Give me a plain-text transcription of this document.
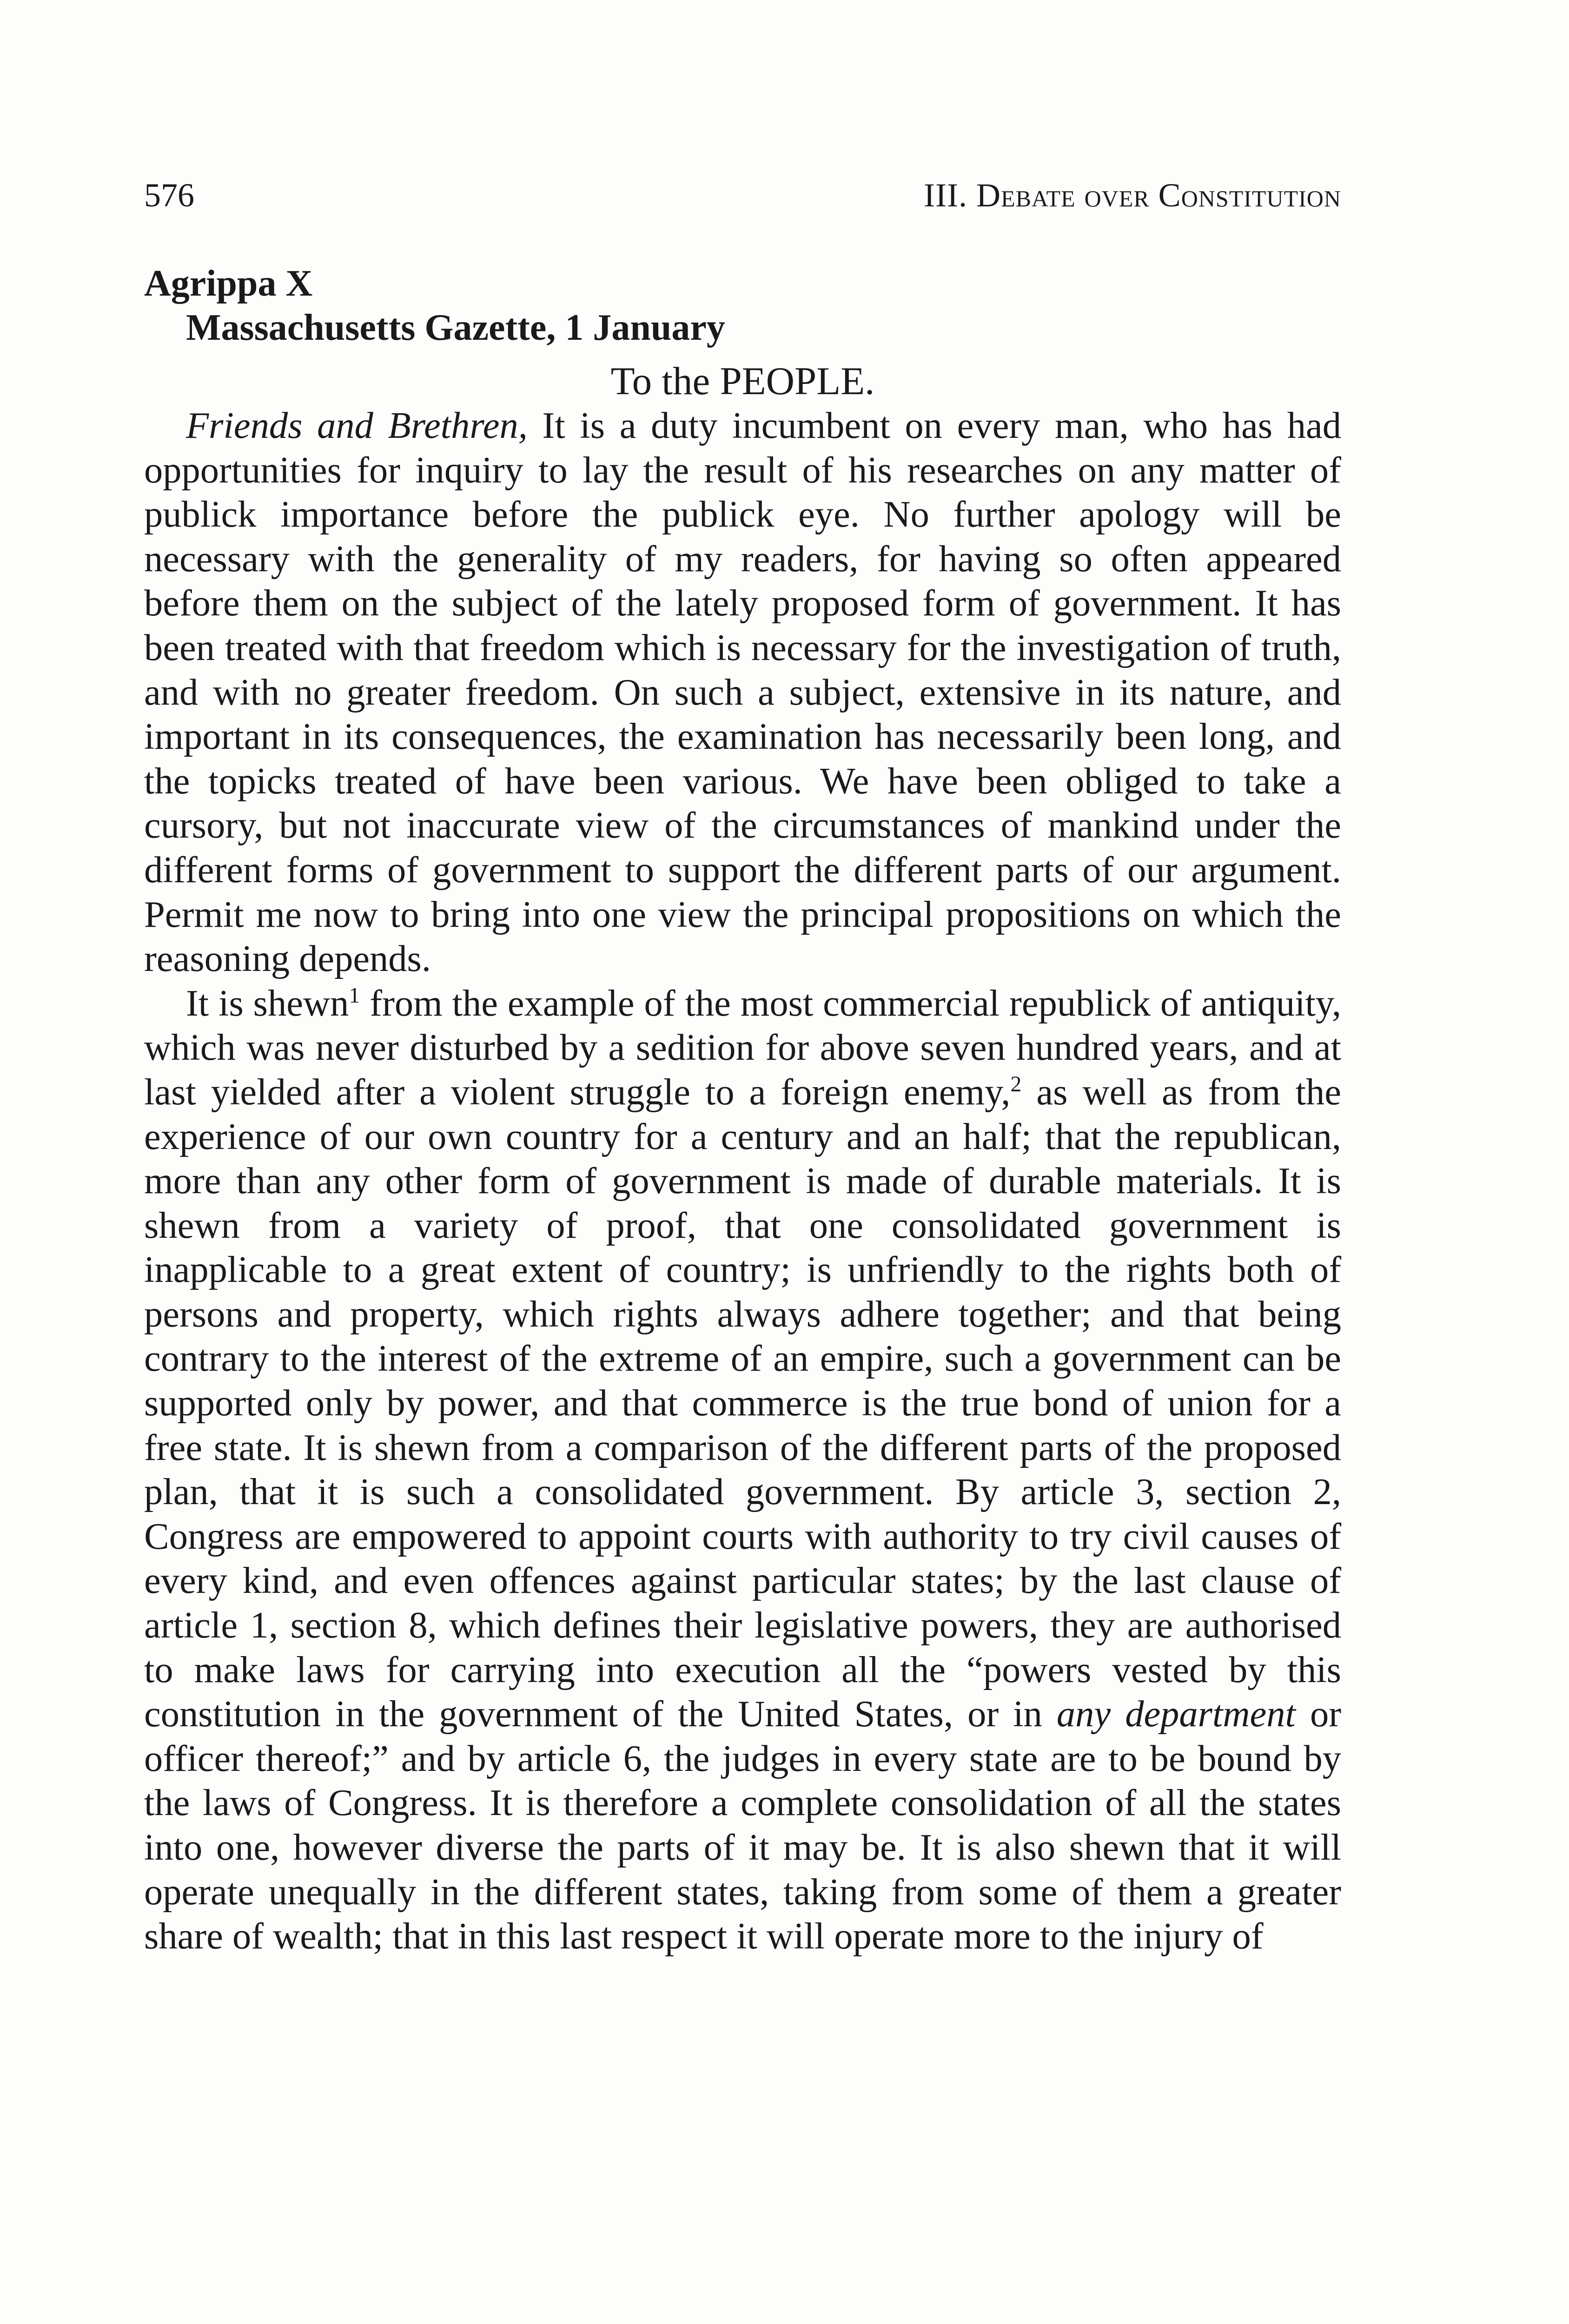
576	III. Debate over Constitution
Agrippa X
Massachusetts Gazette, 1 January
To the PEOPLE.

Friends and Brethren, It is a duty incumbent on every man, who has had opportunities for inquiry to lay the result of his researches on any matter of publick importance before the publick eye. No further apology will be necessary with the generality of my readers, for having so often appeared before them on the subject of the lately proposed form of government. It has been treated with that freedom which is necessary for the investigation of truth, and with no greater freedom. On such a subject, extensive in its nature, and important in its consequences, the examination has necessarily been long, and the topicks treated of have been various. We have been obliged to take a cursory, but not inaccurate view of the circumstances of mankind under the different forms of government to support the different parts of our argument. Permit me now to bring into one view the principal propositions on which the reasoning depends.

It is shewn$^1$ from the example of the most commercial republick of antiquity, which was never disturbed by a sedition for above seven hundred years, and at last yielded after a violent struggle to a foreign enemy,$^2$ as well as from the experience of our own country for a century and an half; that the republican, more than any other form of government is made of durable materials. It is shewn from a variety of proof, that one consolidated government is inapplicable to a great extent of country; is unfriendly to the rights both of persons and property, which rights always adhere together; and that being contrary to the interest of the extreme of an empire, such a government can be supported only by power, and that commerce is the true bond of union for a free state. It is shewn from a comparison of the different parts of the proposed plan, that it is such a consolidated government. By article 3, section 2, Congress are empowered to appoint courts with authority to try civil causes of every kind, and even offences against particular states; by the last clause of article 1, section 8, which defines their legislative powers, they are authorised to make laws for carrying into execution all the “powers vested by this constitution in the government of the United States, or in any department or officer thereof;” and by article 6, the judges in every state are to be bound by the laws of Congress. It is therefore a complete consolidation of all the states into one, however diverse the parts of it may be. It is also shewn that it will operate unequally in the different states, taking from some of them a greater share of wealth; that in this last respect it will operate more to the injury of
